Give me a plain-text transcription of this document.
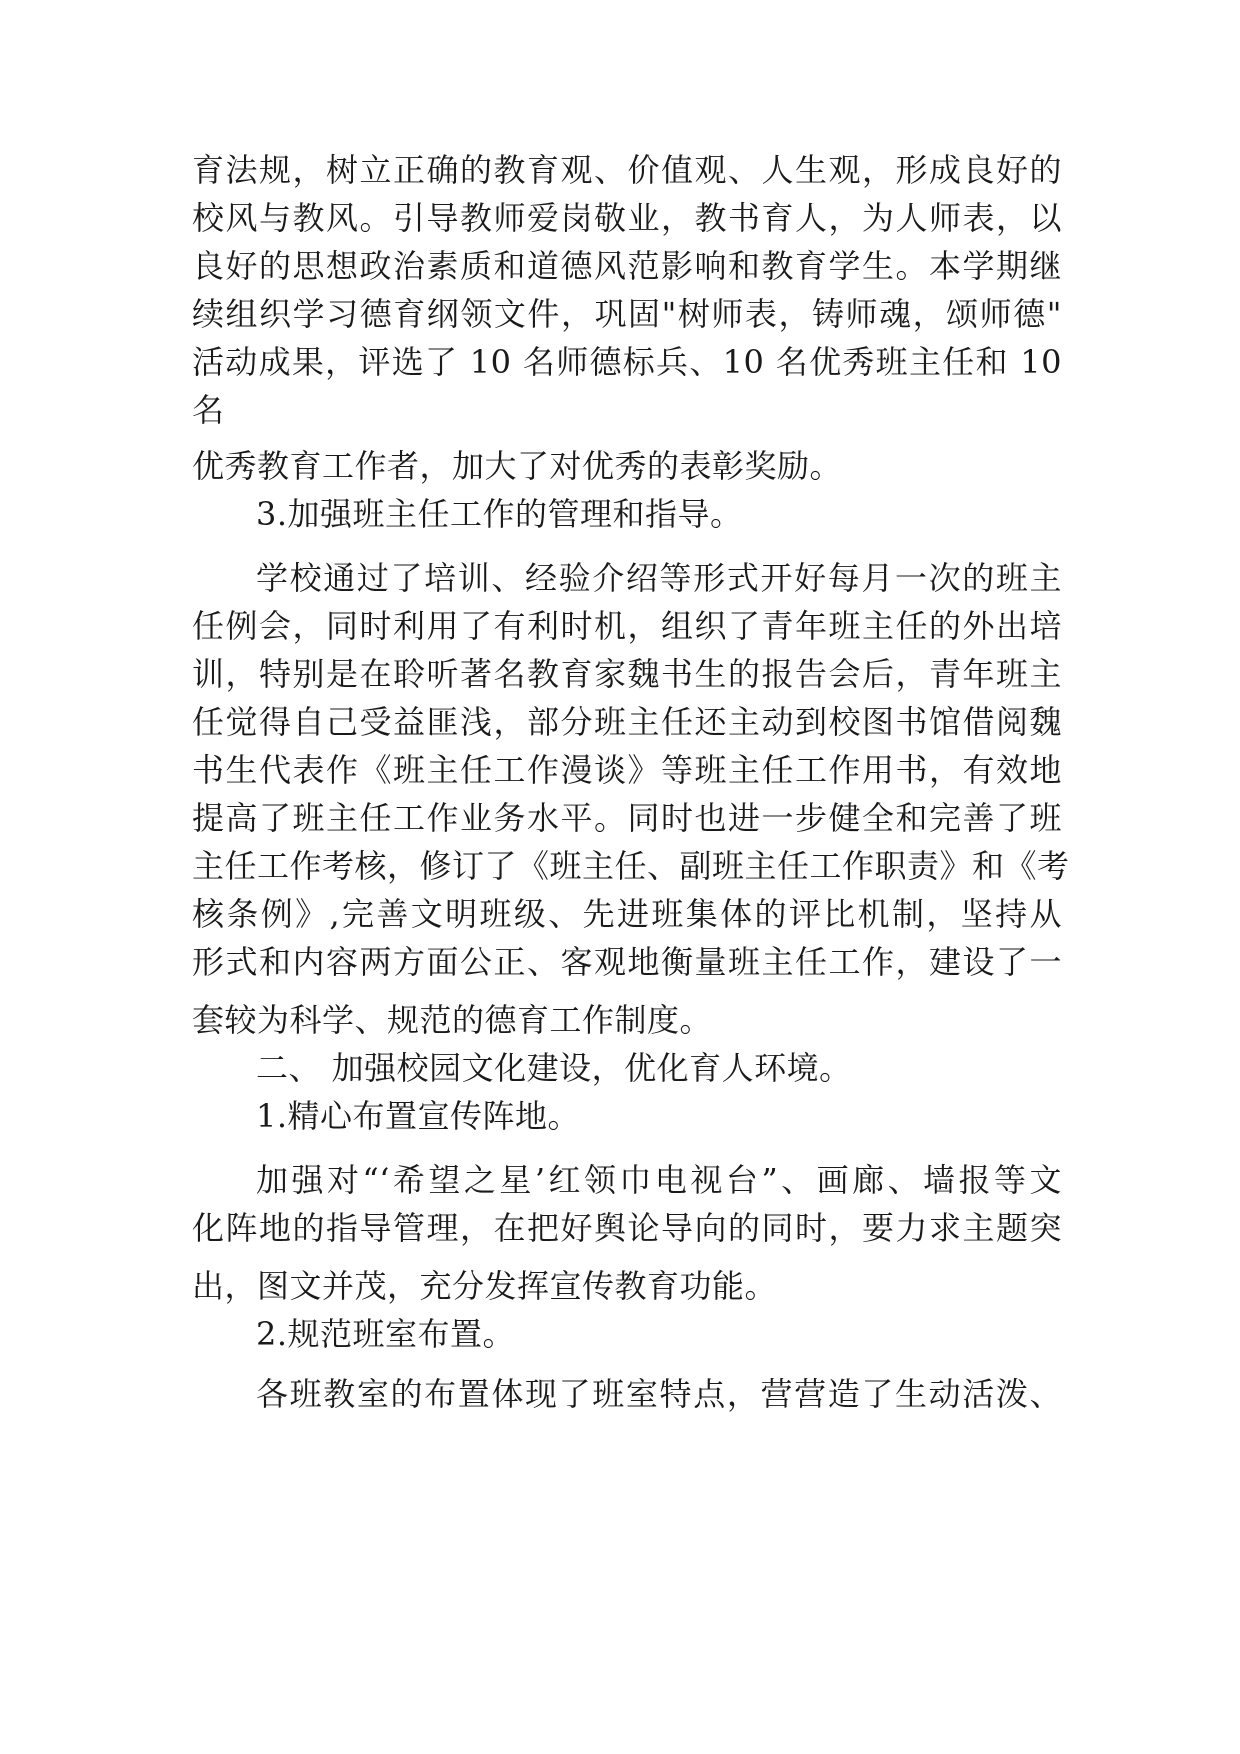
育法规，树立正确的教育观、价值观、人生观，形成良好的
校风与教风。引导教师爱岗敬业，教书育人，为人师表，以
良好的思想政治素质和道德风范影响和教育学生。本学期继
续组织学习德育纲领文件，巩固"树师表，铸师魂，颂师德"
活动成果，评选了 10 名师德标兵、10 名优秀班主任和 10
名
优秀教育工作者，加大了对优秀的表彰奖励。
3.加强班主任工作的管理和指导。
学校通过了培训、经验介绍等形式开好每月一次的班主
任例会，同时利用了有利时机，组织了青年班主任的外出培
训，特别是在聆听著名教育家魏书生的报告会后，青年班主
任觉得自己受益匪浅，部分班主任还主动到校图书馆借阅魏
书生代表作《班主任工作漫谈》等班主任工作用书，有效地
提高了班主任工作业务水平。同时也进一步健全和完善了班
主任工作考核，修订了《班主任、副班主任工作职责》和《考
核条例》,完善文明班级、先进班集体的评比机制，坚持从
形式和内容两方面公正、客观地衡量班主任工作，建设了一
套较为科学、规范的德育工作制度。
二、 加强校园文化建设，优化育人环境。
1.精心布置宣传阵地。
加强对“‘希望之星’红领巾电视台”、画廊、墙报等文
化阵地的指导管理，在把好舆论导向的同时，要力求主题突
出，图文并茂，充分发挥宣传教育功能。
2.规范班室布置。
各班教室的布置体现了班室特点，营营造了生动活泼、
